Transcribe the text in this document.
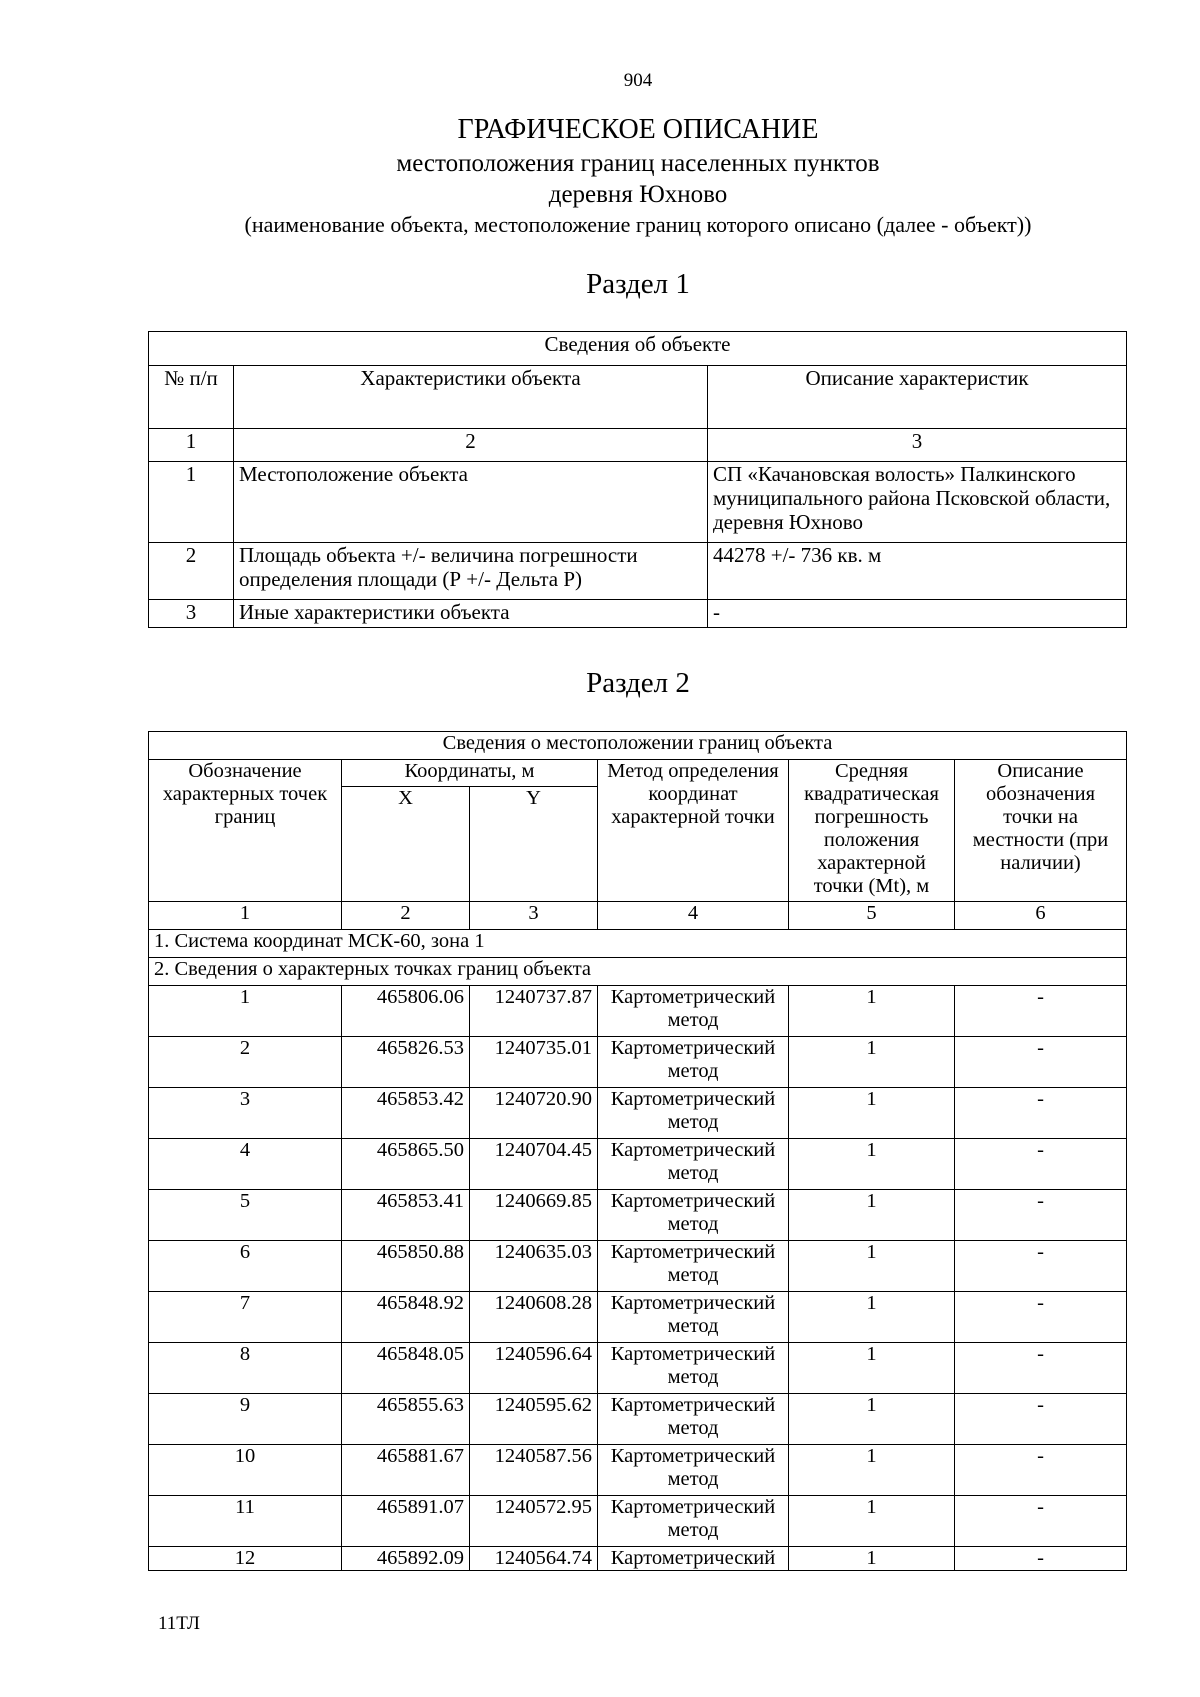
904
ГРАФИЧЕСКОЕ ОПИСАНИЕ
местоположения границ населенных пунктов
деревня Юхново
(наименование объекта, местоположение границ которого описано (далее - объект))
Раздел 1
Сведения об объекте		
№ п/п	Характеристики объекта	Описание характеристик
1	2	3
1	Местоположение объекта	СП «Качановская волость» Палкинского муниципального района Псковской области, деревня Юхново
2	Площадь объекта +/- величина погрешности определения площади (Р +/- Дельта Р)	44278 +/- 736 кв. м
3	Иные характеристики объекта	-
Раздел 2
Сведения о местоположении границ объекта					
Обозначение характерных точек границ	Координаты, м		Метод определения координат характерной точки	Средняя квадратическая погрешность положения характерной точки (Mt), м	Описание обозначения точки на местности (при наличии)
	X	Y			
1	2	3	4	5	6
1. Система координат МСК-60, зона 1					
2. Сведения о характерных точках границ объекта					
1	465806.06	1240737.87	Картометрический метод	1	-
2	465826.53	1240735.01	Картометрический метод	1	-
3	465853.42	1240720.90	Картометрический метод	1	-
4	465865.50	1240704.45	Картометрический метод	1	-
5	465853.41	1240669.85	Картометрический метод	1	-
6	465850.88	1240635.03	Картометрический метод	1	-
7	465848.92	1240608.28	Картометрический метод	1	-
8	465848.05	1240596.64	Картометрический метод	1	-
9	465855.63	1240595.62	Картометрический метод	1	-
10	465881.67	1240587.56	Картометрический метод	1	-
11	465891.07	1240572.95	Картометрический метод	1	-
12	465892.09	1240564.74	Картометрический	1	-
11ТЛ
